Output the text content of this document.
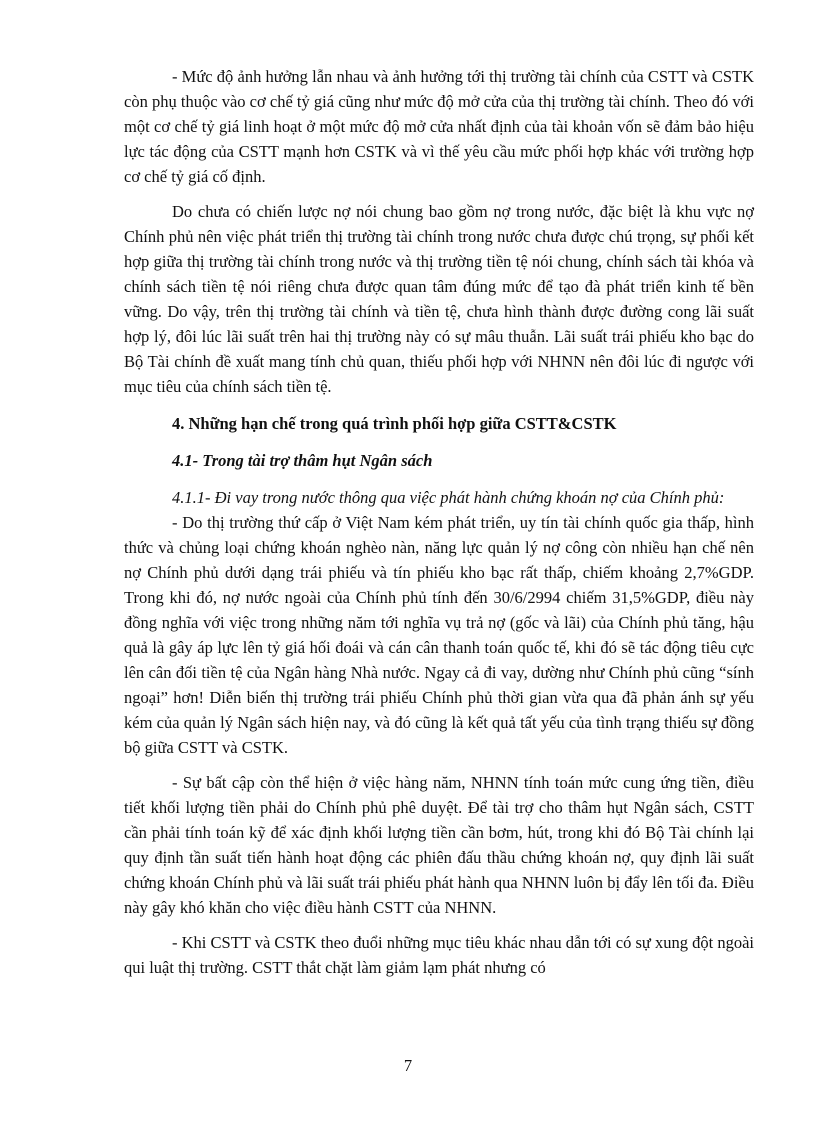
- Mức độ ảnh hưởng lẫn nhau và ảnh hưởng tới thị trường tài chính của CSTT và CSTK còn phụ thuộc vào cơ chế tỷ giá cũng như mức độ mở cửa của thị trường tài chính. Theo đó với một cơ chế tỷ giá linh hoạt ở một mức độ mở cửa nhất định của tài khoản vốn sẽ đảm bảo hiệu lực tác động của CSTT mạnh hơn CSTK và vì thế yêu cầu mức phối hợp khác với trường hợp cơ chế tỷ giá cố định.

Do chưa có chiến lược nợ nói chung bao gồm nợ trong nước, đặc biệt là khu vực nợ Chính phủ nên việc phát triển thị trường tài chính trong nước chưa được chú trọng, sự phối kết hợp giữa thị trường tài chính trong nước và thị trường tiền tệ nói chung, chính sách tài khóa và chính sách tiền tệ nói riêng chưa được quan tâm đúng mức để tạo đà phát triển kinh tế bền vững. Do vậy, trên thị trường tài chính và tiền tệ, chưa hình thành được đường cong lãi suất hợp lý, đôi lúc lãi suất trên hai thị trường này có sự mâu thuẫn. Lãi suất trái phiếu kho bạc do Bộ Tài chính đề xuất mang tính chủ quan, thiếu phối hợp với NHNN nên đôi lúc đi ngược với mục tiêu của chính sách tiền tệ.

4. Những hạn chế trong quá trình phối hợp giữa CSTT&CSTK

4.1- Trong tài trợ thâm hụt Ngân sách

4.1.1- Đi vay trong nước thông qua việc phát hành chứng khoán nợ của Chính phủ:

- Do thị trường thứ cấp ở Việt Nam kém phát triển, uy tín tài chính quốc gia thấp, hình thức và chủng loại chứng khoán nghèo nàn, năng lực quản lý nợ công còn nhiều hạn chế nên nợ Chính phủ dưới dạng trái phiếu và tín phiếu kho bạc rất thấp, chiếm khoảng 2,7%GDP. Trong khi đó, nợ nước ngoài của Chính phủ tính đến 30/6/2994 chiếm 31,5%GDP, điều này đồng nghĩa với việc trong những năm tới nghĩa vụ trả nợ (gốc và lãi) của Chính phủ tăng, hậu quả là gây áp lực lên tỷ giá hối đoái và cán cân thanh toán quốc tế, khi đó sẽ tác động tiêu cực lên cân đối tiền tệ của Ngân hàng Nhà nước. Ngay cả đi vay, dường như Chính phủ cũng “sính ngoại” hơn! Diễn biến thị trường trái phiếu Chính phủ thời gian vừa qua đã phản ánh sự yếu kém của quản lý Ngân sách hiện nay, và đó cũng là kết quả tất yếu của tình trạng thiếu sự đồng bộ giữa CSTT và CSTK.

- Sự bất cập còn thể hiện ở việc hàng năm, NHNN tính toán mức cung ứng tiền, điều tiết khối lượng tiền phải do Chính phủ phê duyệt. Để tài trợ cho thâm hụt Ngân sách, CSTT cần phải tính toán kỹ để xác định khối lượng tiền cần bơm, hút, trong khi đó Bộ Tài chính lại quy định tần suất tiến hành hoạt động các phiên đấu thầu chứng khoán nợ, quy định lãi suất chứng khoán Chính phủ và lãi suất trái phiếu phát hành qua NHNN luôn bị đẩy lên tối đa. Điều này gây khó khăn cho việc điều hành CSTT của NHNN.

- Khi CSTT và CSTK theo đuổi những mục tiêu khác nhau dẫn tới có sự xung đột ngoài qui luật thị trường. CSTT thắt chặt làm giảm lạm phát nhưng có

7
